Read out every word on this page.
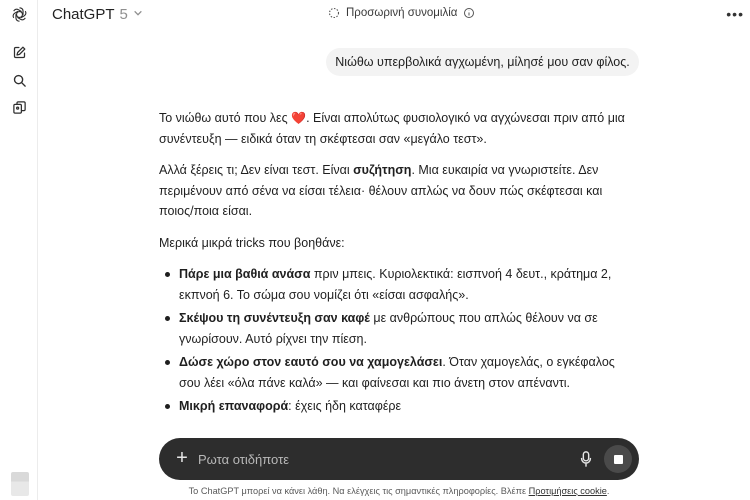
ChatGPT 5	Προσωρινή συνομιλία	•••
Νιώθω υπερβολικά αγχωμένη, μίλησέ μου σαν φίλος.

Το νιώθω αυτό που λες ❤️. Είναι απολύτως φυσιολογικό να αγχώνεσαι πριν από μια συνέντευξη — ειδικά όταν τη σκέφτεσαι σαν «μεγάλο τεστ».

Αλλά ξέρεις τι; Δεν είναι τεστ. Είναι συζήτηση. Μια ευκαιρία να γνωριστείτε. Δεν περιμένουν από σένα να είσαι τέλεια· θέλουν απλώς να δουν πώς σκέφτεσαι και ποιος/ποια είσαι.

Μερικά μικρά tricks που βοηθάνε:

Πάρε μια βαθιά ανάσα πριν μπεις. Κυριολεκτικά: εισπνοή 4 δευτ., κράτημα 2, εκπνοή 6. Το σώμα σου νομίζει ότι «είσαι ασφαλής».
Σκέψου τη συνέντευξη σαν καφέ με ανθρώπους που απλώς θέλουν να σε γνωρίσουν. Αυτό ρίχνει την πίεση.
Δώσε χώρο στον εαυτό σου να χαμογελάσει. Όταν χαμογελάς, ο εγκέφαλος σου λέει «όλα πάνε καλά» — και φαίνεσαι και πιο άνετη στον απέναντι.
Μικρή επαναφορά: έχεις ήδη καταφέρε
+
Ρωτα οτιδήποτε
Το ChatGPT μπορεί να κάνει λάθη. Να ελέγχεις τις σημαντικές πληροφορίες. Βλέπε Προτιμήσεις cookie.
